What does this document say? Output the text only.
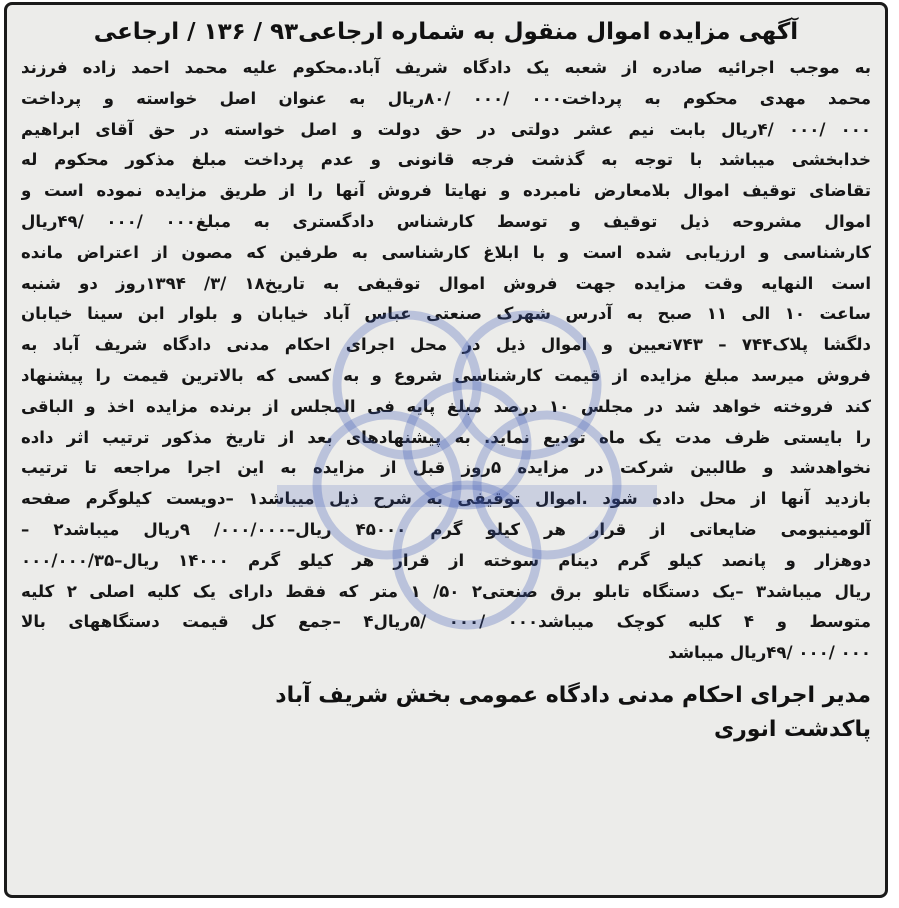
آگهی مزایده اموال منقول به شماره ارجاعی۹۳ / ۱۳۶ / ارجاعی
به موجب اجرائیه صادره از شعبه یک دادگاه شریف آباد.محکوم علیه محمد احمد زاده فرزند
محمد مهدی محکوم به پرداخت۰۰۰ /۰۰۰ /۸۰ریال به عنوان اصل خواسته و پرداخت
۰۰۰ /۰۰۰ /۴ریال بابت نیم عشر دولتی در حق دولت و اصل خواسته در حق آقای ابراهیم
خدابخشی میباشد با توجه به گذشت فرجه قانونی و عدم پرداخت مبلغ مذکور محکوم له
تقاضای توقیف اموال بلامعارض نامبرده و نهایتا فروش آنها را از طریق مزایده نموده است و
اموال مشروحه ذیل توقیف و توسط کارشناس دادگستری به مبلغ۰۰۰ /۰۰۰ /۴۹ریال
کارشناسی و ارزیابی شده است و با ابلاغ کارشناسی به طرفین که مصون از اعتراض مانده
است النهایه وقت مزایده جهت فروش اموال توقیفی به تاریخ۱۸ /۳/ ۱۳۹۴روز دو شنبه
ساعت ۱۰ الی ۱۱ صبح به آدرس شهرک صنعتی عباس آباد خیابان و بلوار ابن سینا خیابان
دلگشا پلاک۷۴۴ – ۷۴۳تعیین و اموال ذیل در محل اجرای احکام مدنی دادگاه شریف آباد به
فروش میرسد مبلغ مزایده از قیمت کارشناسی شروع و به کسی که بالاترین قیمت را پیشنهاد
کند فروخته خواهد شد در مجلس ۱۰ درصد مبلغ پایه فی المجلس از برنده مزایده اخذ و الباقی
را بایستی ظرف مدت یک ماه تودیع نماید. به پیشنهادهای بعد از تاریخ مذکور ترتیب اثر داده
نخواهدشد و طالبین شرکت در مزایده ۵روز قبل از مزایده به این اجرا مراجعه تا ترتیب
بازدید آنها از محل داده شود .اموال توقیفی به شرح ذیل میباشد۱ –دویست کیلوگرم صفحه
آلومینیومی ضایعاتی از قرار هر کیلو گرم ۴۵۰۰۰ ریال–۰۰۰/۰۰۰/ ۹ریال میباشد۲ –
دوهزار و پانصد کیلو گرم دینام سوخته از قرار هر کیلو گرم ۱۴۰۰۰ ریال–۰۰۰/۰۰۰/۳۵
ریال میباشد۳ –یک دستگاه تابلو برق صنعتی۲ ۵۰/ ۱ متر که فقط دارای یک کلیه اصلی ۲ کلیه
متوسط و ۴ کلیه کوچک میباشد۰۰۰ /۰۰۰ /۵ریال۴ –جمع کل قیمت دستگاههای بالا
۰۰۰ /۰۰۰ /۴۹ریال میباشد
مدیر اجرای احکام مدنی دادگاه عمومی بخش شریف آباد
پاکدشت انوری
